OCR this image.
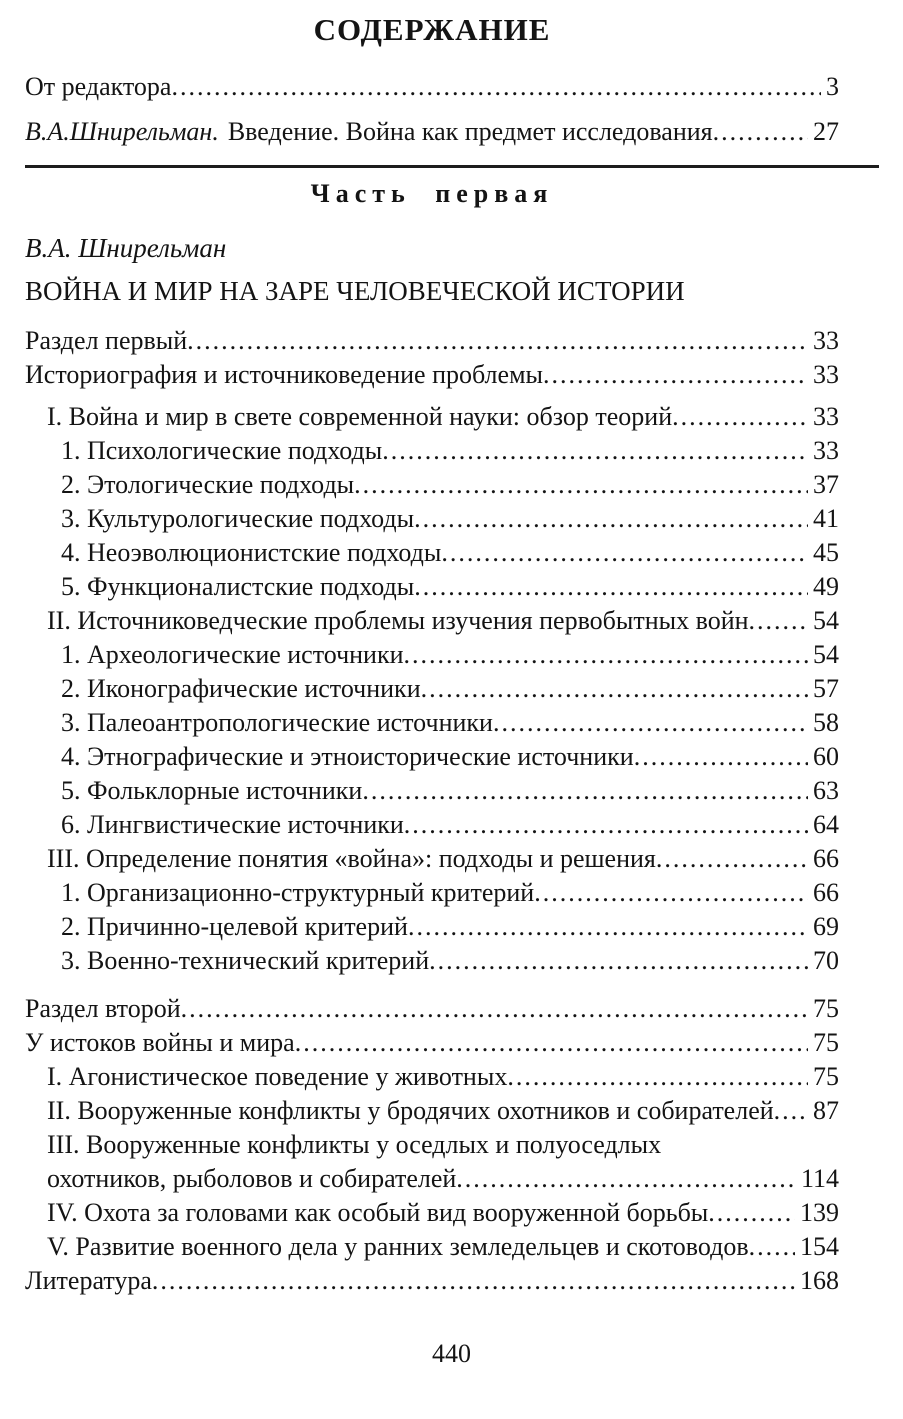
СОДЕРЖАНИЕ
От редактора .....	3
В.А.Шнирельман. Введение. Война как предмет исследования .....	27
Часть первая
В.А. Шнирельман
ВОЙНА И МИР НА ЗАРЕ ЧЕЛОВЕЧЕСКОЙ ИСТОРИИ
Раздел первый .....	33
Историография и источниковедение проблемы .....	33
I. Война и мир в свете современной науки: обзор теорий .....	33
1. Психологические подходы .....	33
2. Этологические подходы .....	37
3. Культурологические подходы .....	41
4. Неоэволюционистские подходы .....	45
5. Функционалистские подходы .....	49
II. Источниковедческие проблемы изучения первобытных войн ..... 54
1. Археологические источники .....	54
2. Иконографические источники .....	57
3. Палеоантропологические источники .....	58
4. Этнографические и этноисторические источники .....	60
5. Фольклорные источники .....	63
6. Лингвистические источники .....	64
III. Определение понятия «война»: подходы и решения .....	66
1. Организационно-структурный критерий .....	66
2. Причинно-целевой критерий .....	69
3. Военно-технический критерий .....	70
Раздел второй .....	75
У истоков войны и мира .....	75
I. Агонистическое поведение у животных .....	75
II. Вооруженные конфликты у бродячих охотников и собирателей ..... 87
III. Вооруженные конфликты у оседлых и полуоседлых
охотников, рыболовов и собирателей .....	114
IV. Охота за головами как особый вид вооруженной борьбы .....	139
V. Развитие военного дела у ранних земледельцев и скотоводов ..... 154
Литература .....	168
440
